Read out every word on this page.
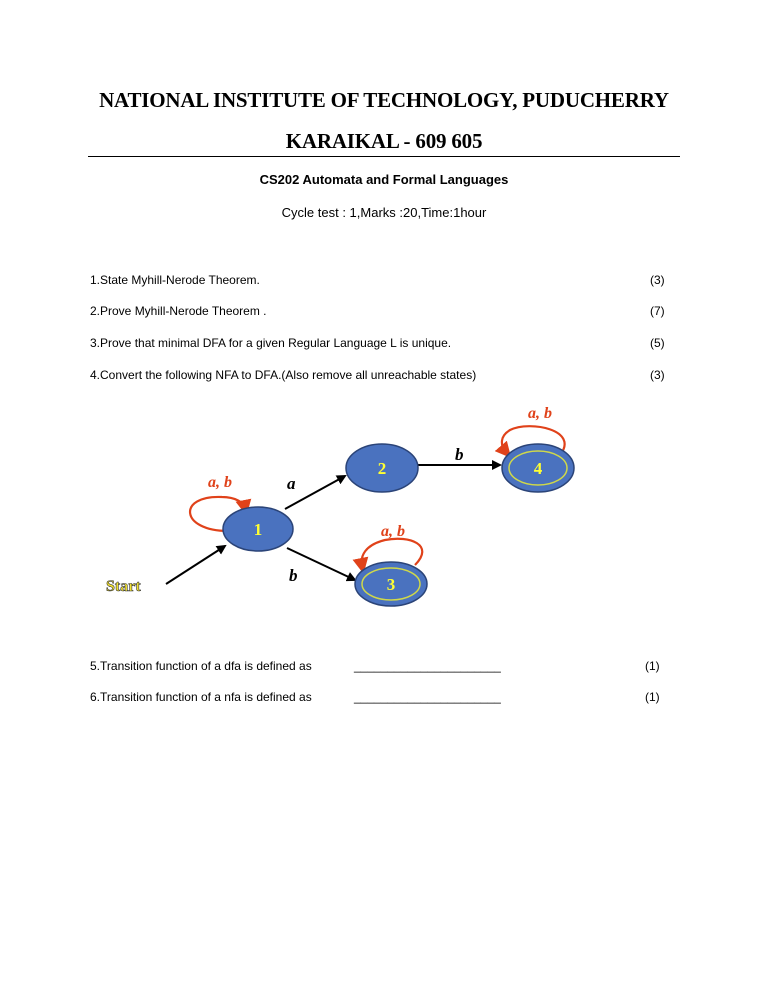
NATIONAL INSTITUTE OF TECHNOLOGY, PUDUCHERRY
KARAIKAL - 609 605
CS202 Automata and Formal Languages
Cycle test : 1,Marks :20,Time:1hour
1.State Myhill-Nerode Theorem.	(3)
2.Prove Myhill-Nerode Theorem .	(7)
3.Prove that minimal DFA for a given Regular Language L is unique.	(5)
4.Convert the following NFA to DFA.(Also remove all unreachable states)	(3)
Start
1
2
3
4
a, b	a
b
b
a, b
a, b
5.Transition function of a dfa is defined as	______________________	(1)
6.Transition function of a nfa is defined as	______________________	(1)
